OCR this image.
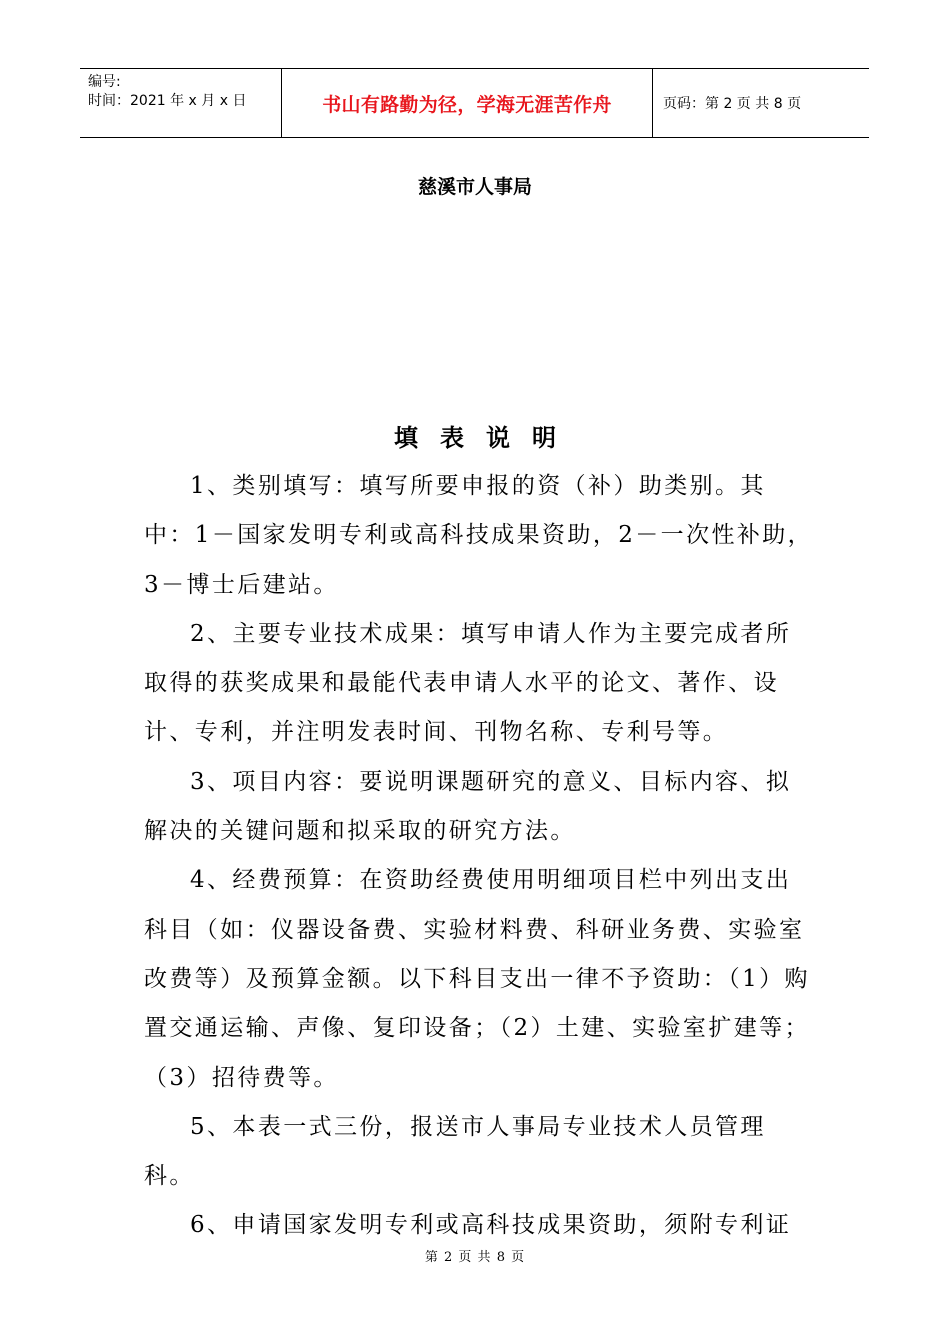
编号:
时间：2021 年 x 月 x 日	书山有路勤为径，学海无涯苦作舟	页码：第 2 页 共 8 页
慈溪市人事局
填表说明

1、类别填写：填写所要申报的资（补）助类别。其中：1－国家发明专利或高科技成果资助，2－一次性补助，3－博士后建站。

2、主要专业技术成果：填写申请人作为主要完成者所取得的获奖成果和最能代表申请人水平的论文、著作、设计、专利，并注明发表时间、刊物名称、专利号等。

3、项目内容：要说明课题研究的意义、目标内容、拟解决的关键问题和拟采取的研究方法。

4、经费预算：在资助经费使用明细项目栏中列出支出科目（如：仪器设备费、实验材料费、科研业务费、实验室改费等）及预算金额。以下科目支出一律不予资助：（1）购置交通运输、声像、复印设备；（2）土建、实验室扩建等；（3）招待费等。

5、本表一式三份，报送市人事局专业技术人员管理科。

6、申请国家发明专利或高科技成果资助，须附专利证

第 2 页 共 8 页
